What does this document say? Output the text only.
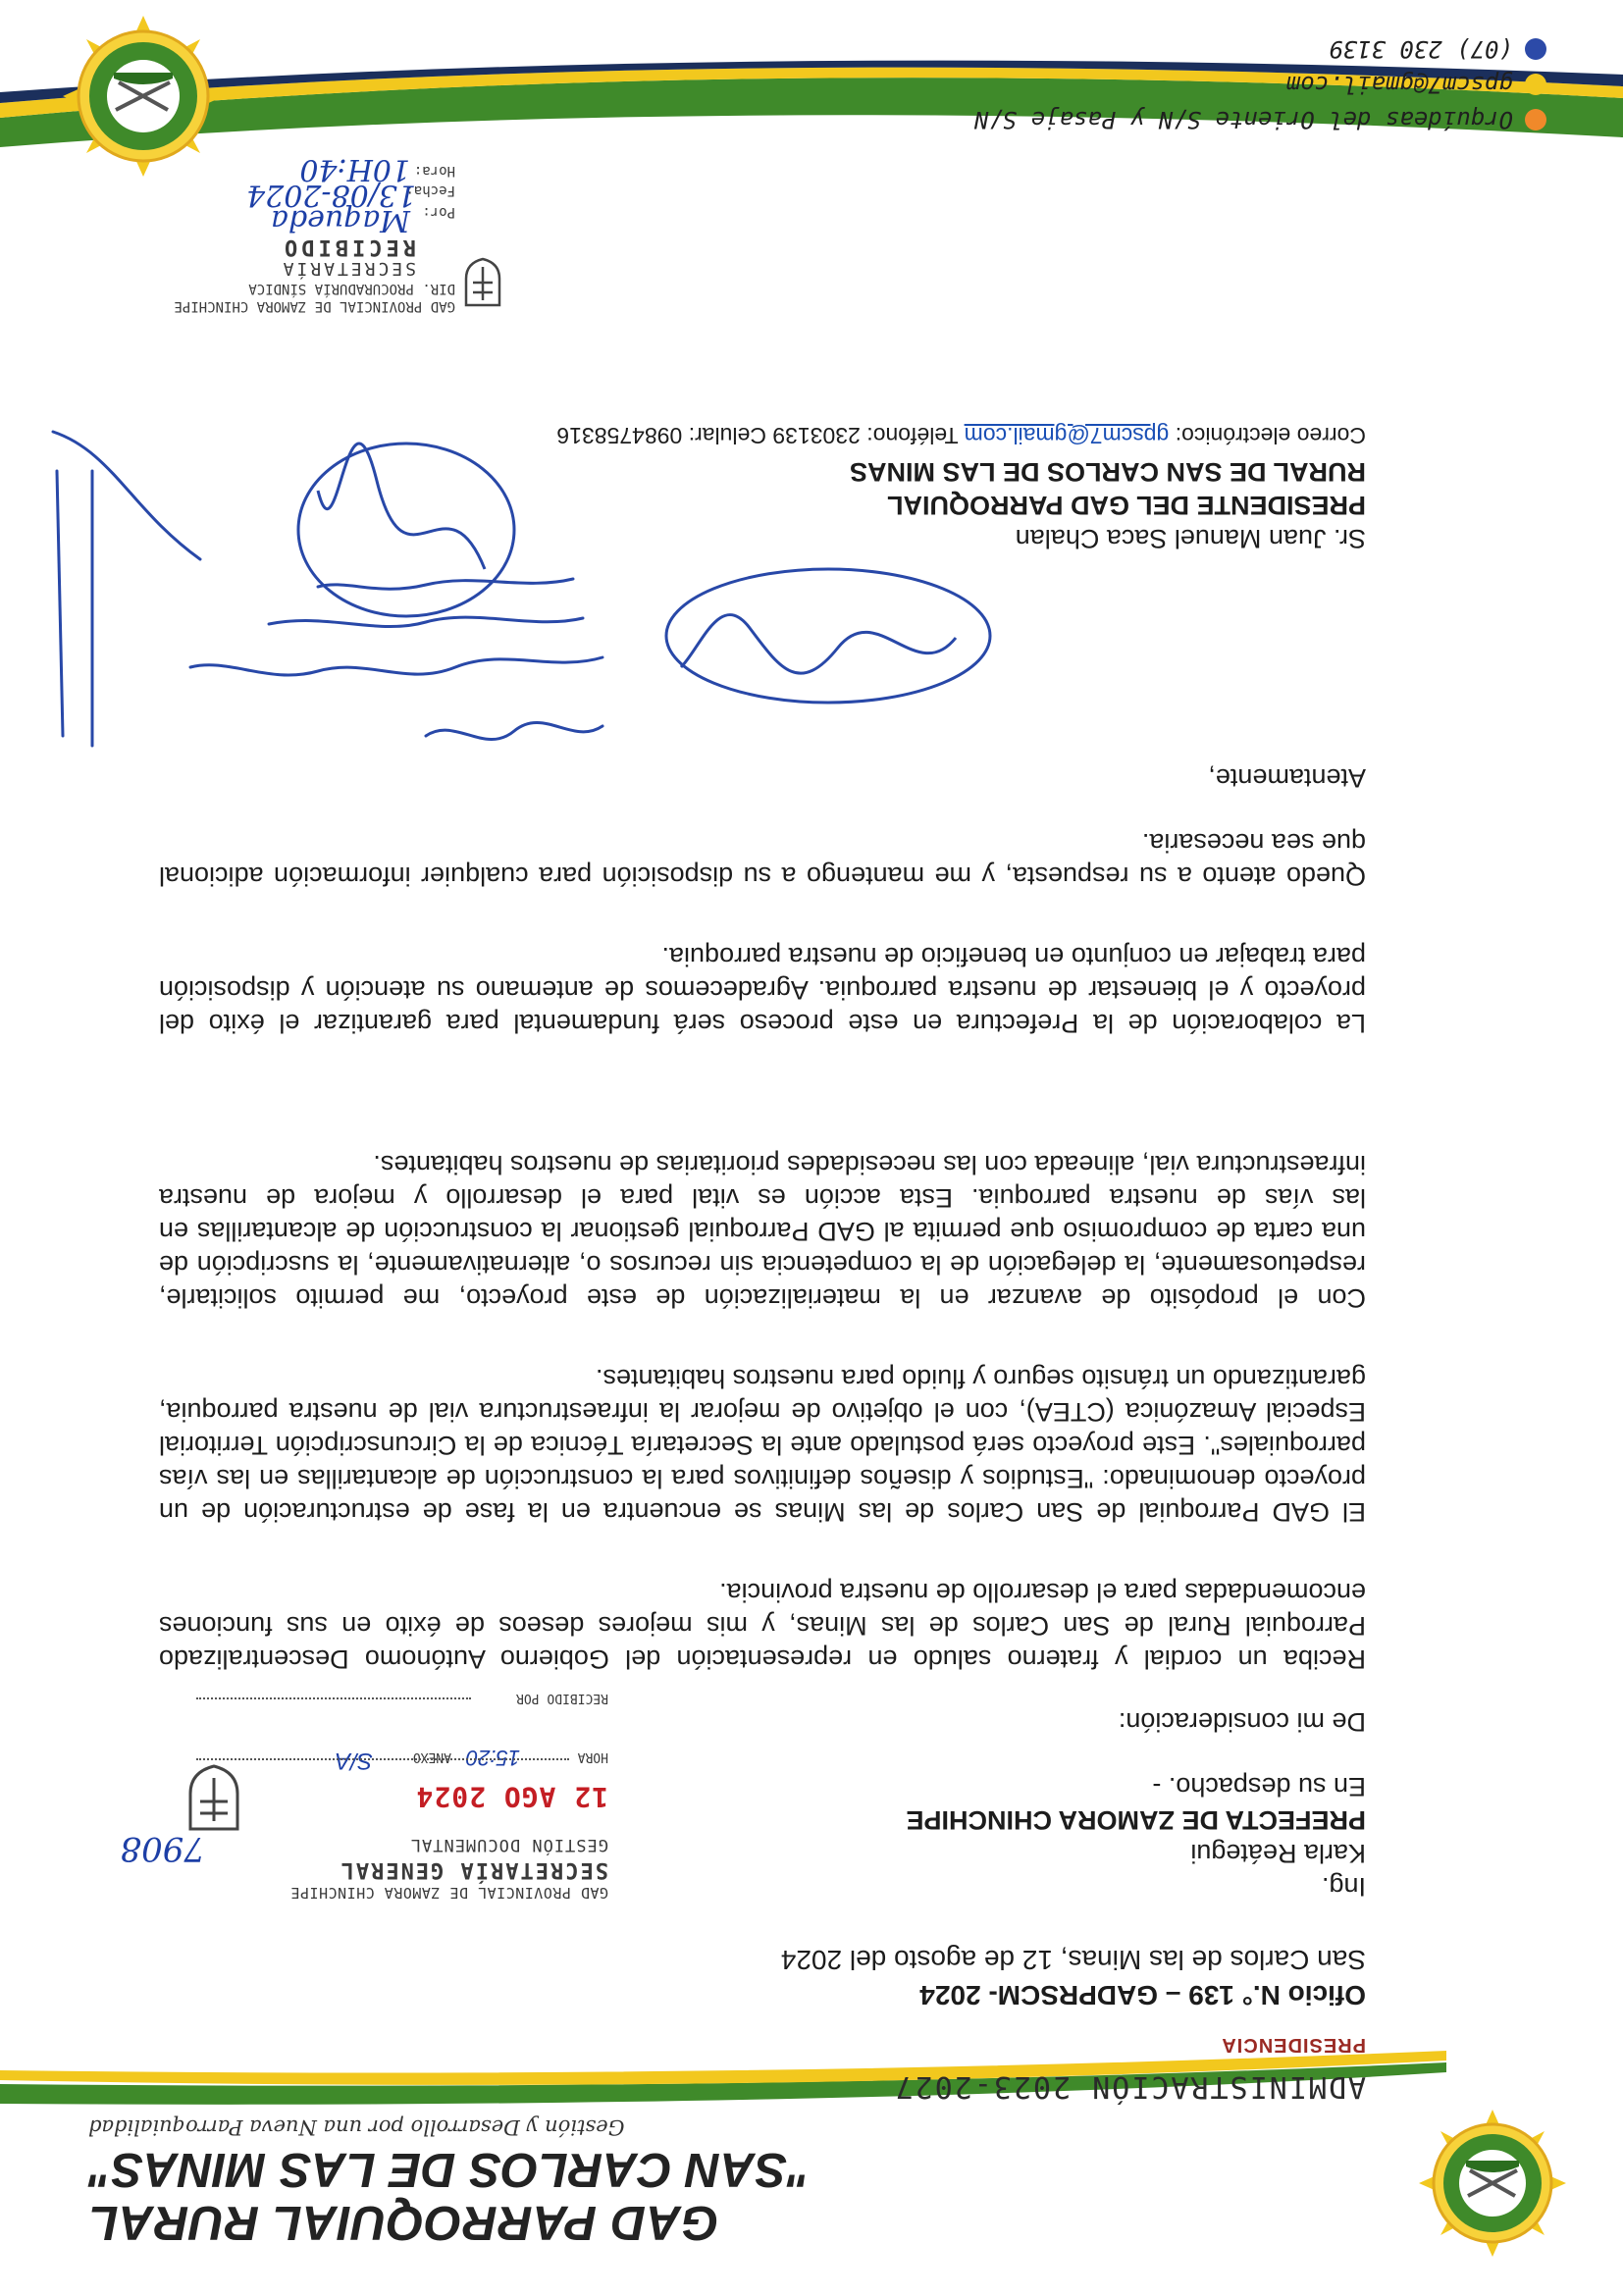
GAD PARROQUIAL RURAL
"SAN CARLOS DE LAS MINAS"
Gestión y Desarrollo por una Nueva Parroquialidad
ADMINISTRACIÓN 2023-2027
PRESIDENCIA
Oficio N.° 139 – GADPRSCM- 2024
San Carlos de las Minas, 12 de agosto del 2024
Ing.
Karla Reátegui
PREFECTA DE ZAMORA CHINCHIPE
En su despacho. -
De mi consideración:
Reciba un cordial y fraterno saludo en representación del Gobierno Autónomo Descentralizado Parroquial Rural de San Carlos de las Minas, y mis mejores deseos de éxito en sus funciones encomendadas para el desarrollo de nuestra provincia.
El GAD Parroquial de San Carlos de las Minas se encuentra en la fase de estructuración de un proyecto denominado: "Estudios y diseños definitivos para la construcción de alcantarillas en las vías parroquiales". Este proyecto será postulado ante la Secretaría Técnica de la Circunscripción Territorial Especial Amazónica (CTEA), con el objetivo de mejorar la infraestructura vial de nuestra parroquia, garantizando un tránsito seguro y fluido para nuestros habitantes.
Con el propósito de avanzar en la materialización de este proyecto, me permito solicitarle, respetuosamente, la delegación de la competencia sin recursos o, alternativamente, la suscripción de una carta de compromiso que permita al GAD Parroquial gestionar la construcción de alcantarillas en las vías de nuestra parroquia. Esta acción es vital para el desarrollo y mejora de nuestra infraestructura vial, alineada con las necesidades prioritarias de nuestros habitantes.
La colaboración de la Prefectura en este proceso será fundamental para garantizar el éxito del proyecto y el bienestar de nuestra parroquia. Agradecemos de antemano su atención y disposición para trabajar en conjunto en beneficio de nuestra parroquia.
Quedo atento a su respuesta, y me mantengo a su disposición para cualquier información adicional que sea necesaria.
Atentamente,
Sr. Juan Manuel Saca Chalan
PRESIDENTE DEL GAD PARROQUIAL
RURAL DE SAN CARLOS DE LAS MINAS
Correo electrónico: gpscm7@gmail.com Teléfono: 2303139 Celular: 0984758316
GAD PROVINCIAL DE ZAMORA CHINCHIPE
SECRETARÍA GENERAL
GESTIÓN DOCUMENTAL
12 AGO 2024
HORA
15:20
ANEXO
S/A
RECIBIDO POR
7908
GAD PROVINCIAL DE ZAMORA CHINCHIPE
DIR. PROCURADURÍA SÍNDICA
SECRETARÍA
RECIBIDO
Por:
Fecha:
Hora:
Maqueda
13/08-2024
10H:40
Orquídeas del Oriente S/N y Pasaje S/N
gpscm7@gmail.com
(07) 230 3139
